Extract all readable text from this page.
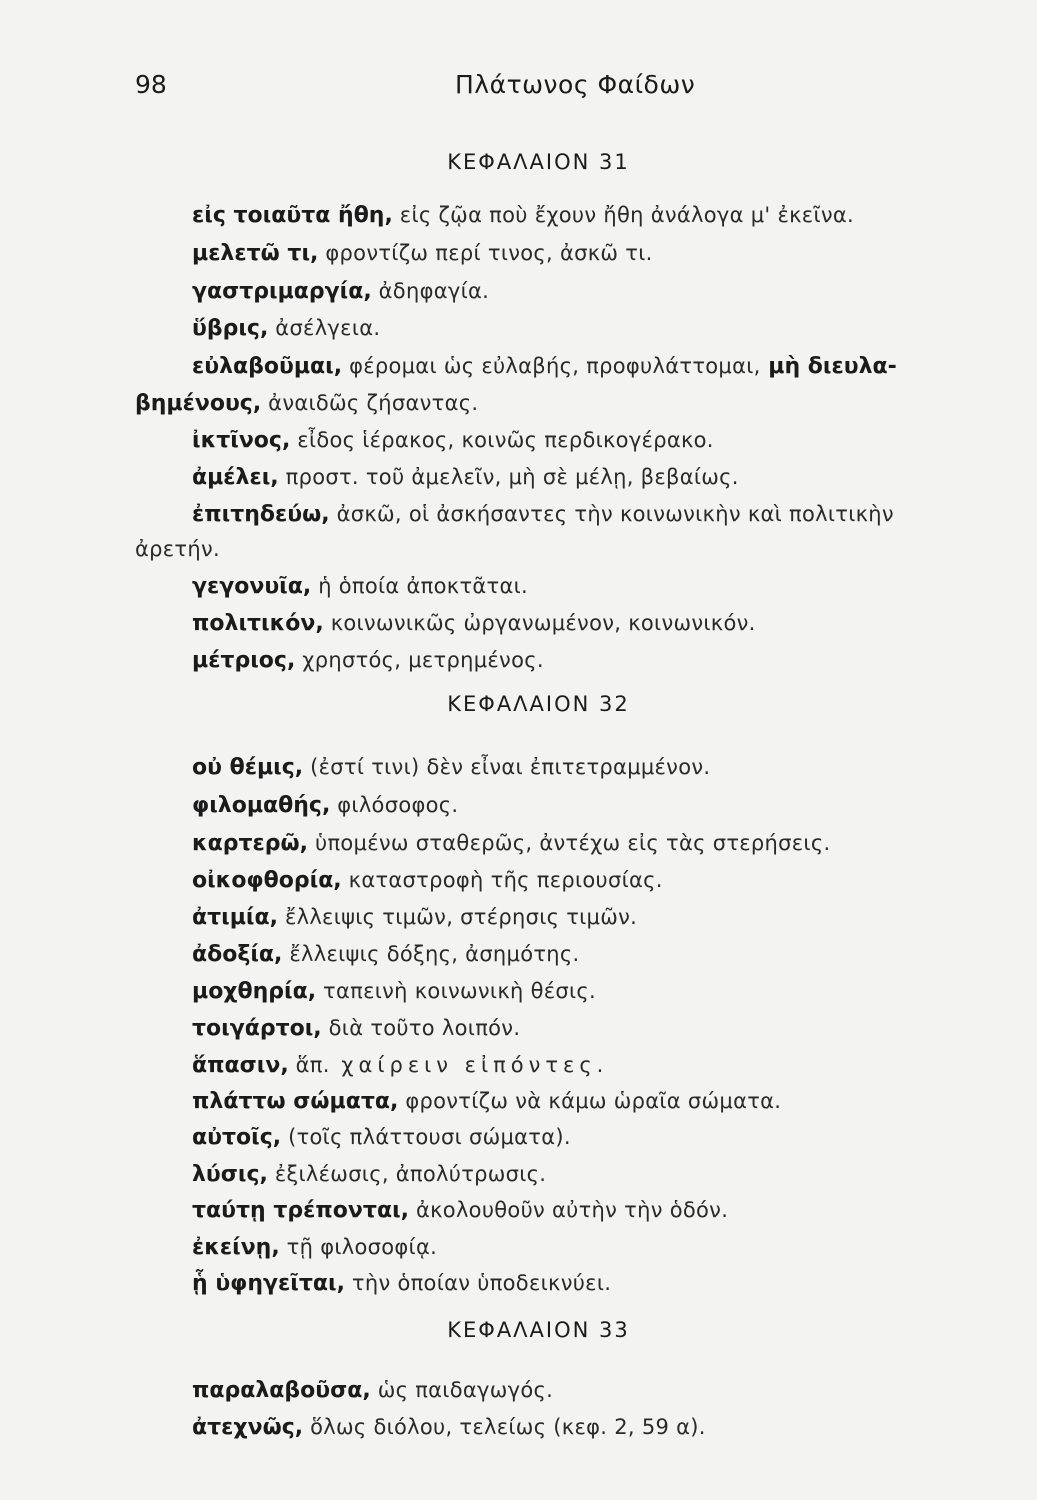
98	Πλάτωνος Φαίδων
ΚΕΦΑΛΑΙΟΝ 31
εἰς τοιαῦτα ἤθη, εἰς ζῷα ποὺ ἔχουν ἤθη ἀνάλογα μ' ἐκεῖνα.
μελετῶ τι, φροντίζω περί τινος, ἀσκῶ τι.
γαστριμαργία, ἀδηφαγία.
ὕβρις, ἀσέλγεια.
εὐλαβοῦμαι, φέρομαι ὡς εὐλαβής, προφυλάττομαι, μὴ διευλα-
βημένους, ἀναιδῶς ζήσαντας.
ἰκτῖνος, εἶδος ἱέρακος, κοινῶς περδικογέρακο.
ἀμέλει, προστ. τοῦ ἀμελεῖν, μὴ σὲ μέλῃ, βεβαίως.
ἐπιτηδεύω, ἀσκῶ, οἱ ἀσκήσαντες τὴν κοινωνικὴν καὶ πολιτικὴν
ἀρετήν.
γεγονυῖα, ἡ ὁποία ἀποκτᾶται.
πολιτικόν, κοινωνικῶς ὠργανωμένον, κοινωνικόν.
μέτριος, χρηστός, μετρημένος.
ΚΕΦΑΛΑΙΟΝ 32
οὐ θέμις, (ἐστί τινι) δὲν εἶναι ἐπιτετραμμένον.
φιλομαθής, φιλόσοφος.
καρτερῶ, ὑπομένω σταθερῶς, ἀντέχω εἰς τὰς στερήσεις.
οἰκοφθορία, καταστροφὴ τῆς περιουσίας.
ἀτιμία, ἔλλειψις τιμῶν, στέρησις τιμῶν.
ἀδοξία, ἔλλειψις δόξης, ἀσημότης.
μοχθηρία, ταπεινὴ κοινωνικὴ θέσις.
τοιγάρτοι, διὰ τοῦτο λοιπόν.
ἅπασιν, ἅπ. χαίρειν εἰπόντες.
πλάττω σώματα, φροντίζω νὰ κάμω ὡραῖα σώματα.
αὐτοῖς, (τοῖς πλάττουσι σώματα).
λύσις, ἐξιλέωσις, ἀπολύτρωσις.
ταύτῃ τρέπονται, ἀκολουθοῦν αὐτὴν τὴν ὁδόν.
ἐκείνῃ, τῇ φιλοσοφίᾳ.
ᾗ ὑφηγεῖται, τὴν ὁποίαν ὑποδεικνύει.
ΚΕΦΑΛΑΙΟΝ 33
παραλαβοῦσα, ὡς παιδαγωγός.
ἀτεχνῶς, ὅλως διόλου, τελείως (κεφ. 2, 59 α).
